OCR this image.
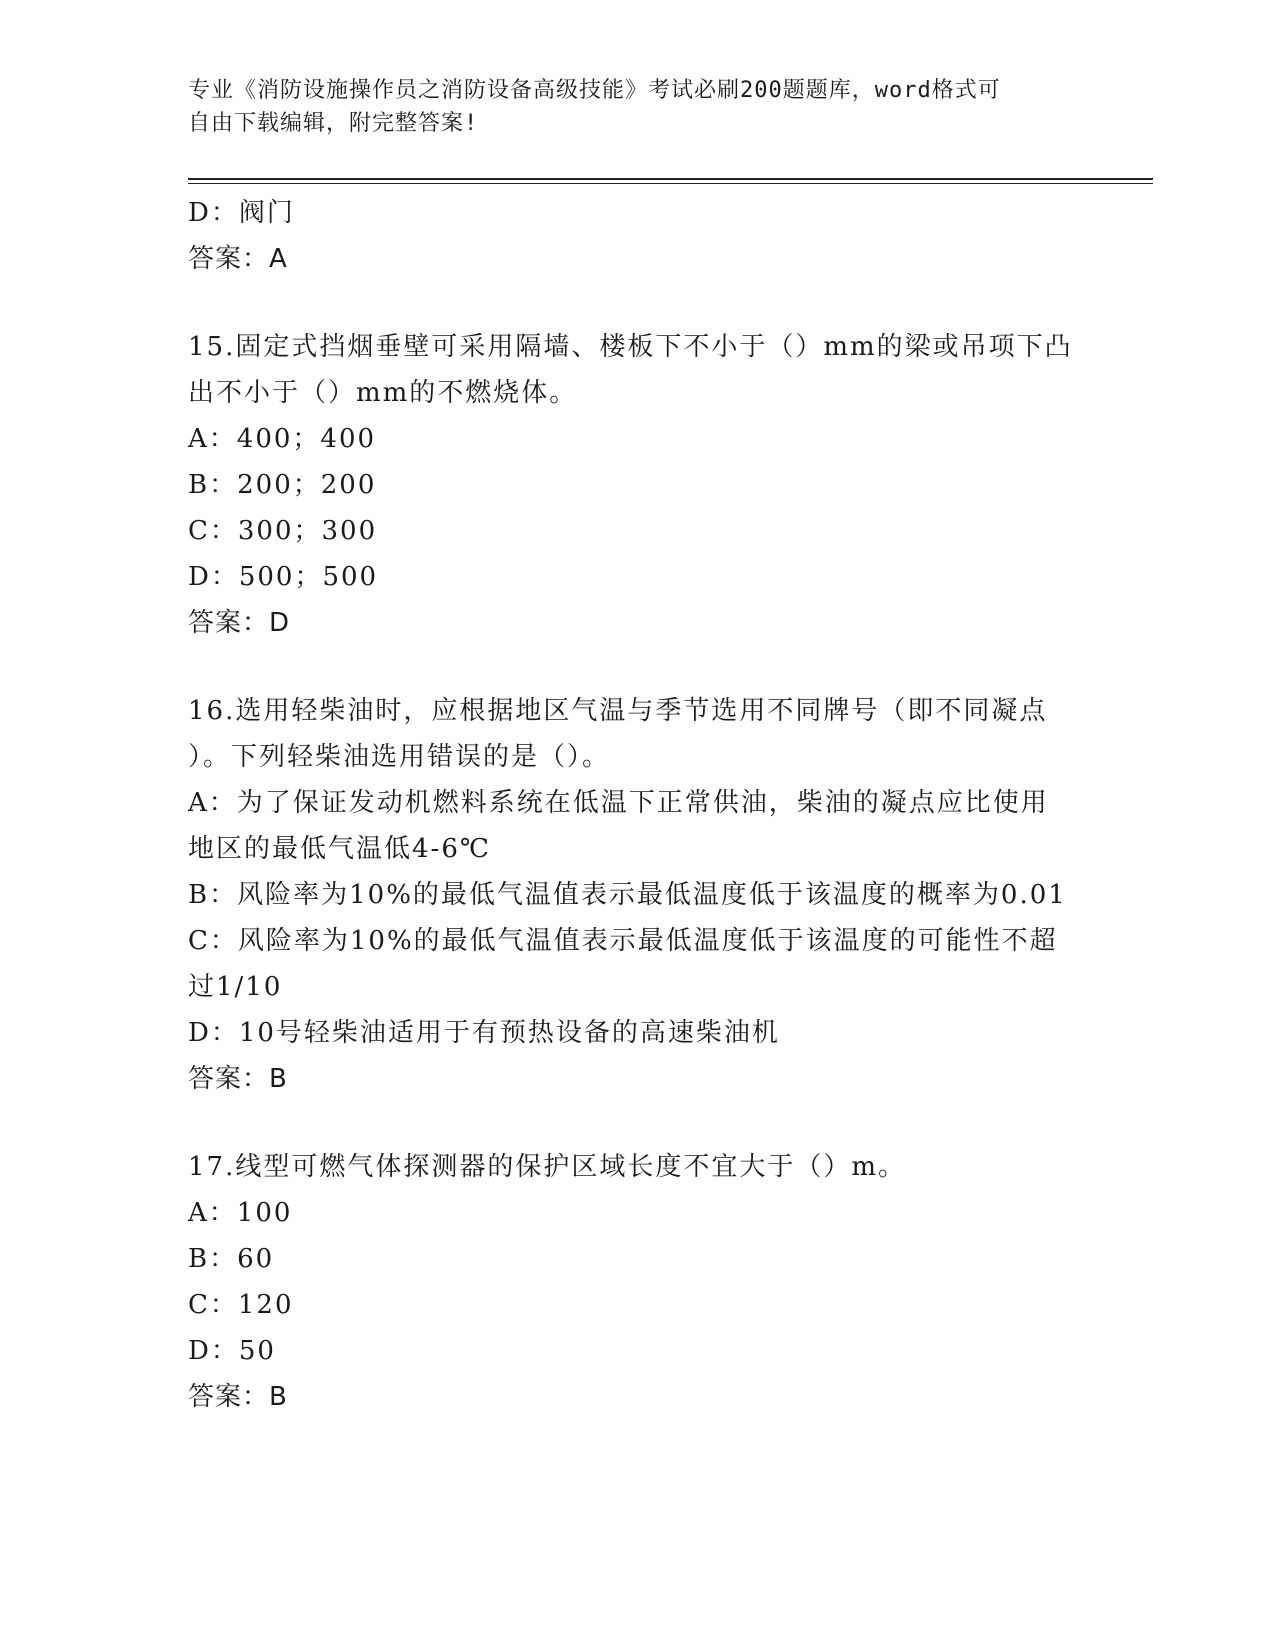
专业《消防设施操作员之消防设备高级技能》考试必刷200题题库，word格式可
自由下载编辑，附完整答案!
D：阀门
答案：A
15.固定式挡烟垂壁可采用隔墙、楼板下不小于（）mm的梁或吊项下凸
出不小于（）mm的不燃烧体。
A：400；400
B：200；200
C：300；300
D：500；500
答案：D
16.选用轻柴油时，应根据地区气温与季节选用不同牌号（即不同凝点
）。下列轻柴油选用错误的是（）。
A：为了保证发动机燃料系统在低温下正常供油，柴油的凝点应比使用
地区的最低气温低4-6℃
B：风险率为10%的最低气温值表示最低温度低于该温度的概率为0.01
C：风险率为10%的最低气温值表示最低温度低于该温度的可能性不超
过1/10
D：10号轻柴油适用于有预热设备的高速柴油机
答案：B
17.线型可燃气体探测器的保护区域长度不宜大于（）m。
A：100
B：60
C：120
D：50
答案：B
